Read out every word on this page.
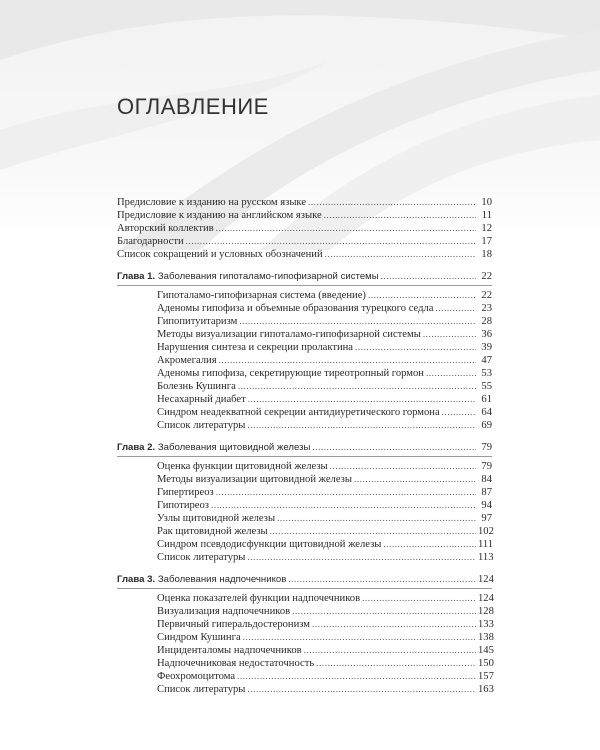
ОГЛАВЛЕНИЕ
Предисловие к изданию на русском языке .....	10
Предисловие к изданию на английском языке .....	11
Авторский коллектив .....	12
Благодарности .....	17
Список сокращений и условных обозначений .....	18
Глава 1. Заболевания гипоталамо-гипофизарной системы .....	22
Гипоталамо-гипофизарная система (введение) .....	22
Аденомы гипофиза и объемные образования турецкого седла .....	23
Гипопитуитаризм .....	28
Методы визуализации гипоталамо-гипофизарной системы .....	36
Нарушения синтеза и секреции пролактина .....	39
Акромегалия .....	47
Аденомы гипофиза, секретирующие тиреотропный гормон .....	53
Болезнь Кушинга .....	55
Несахарный диабет .....	61
Синдром неадекватной секреции антидиуретического гормона .....	64
Список литературы .....	69
Глава 2. Заболевания щитовидной железы .....	79
Оценка функции щитовидной железы .....	79
Методы визуализации щитовидной железы .....	84
Гипертиреоз .....	87
Гипотиреоз .....	94
Узлы щитовидной железы .....	97
Рак щитовидной железы .....	102
Синдром псевдодисфункции щитовидной железы .....	111
Список литературы .....	113
Глава 3. Заболевания надпочечников .....	124
Оценка показателей функции надпочечников .....	124
Визуализация надпочечников .....	128
Первичный гиперальдостеронизм .....	133
Синдром Кушинга .....	138
Инциденталомы надпочечников .....	145
Надпочечниковая недостаточность .....	150
Феохромоцитома .....	157
Список литературы .....	163
